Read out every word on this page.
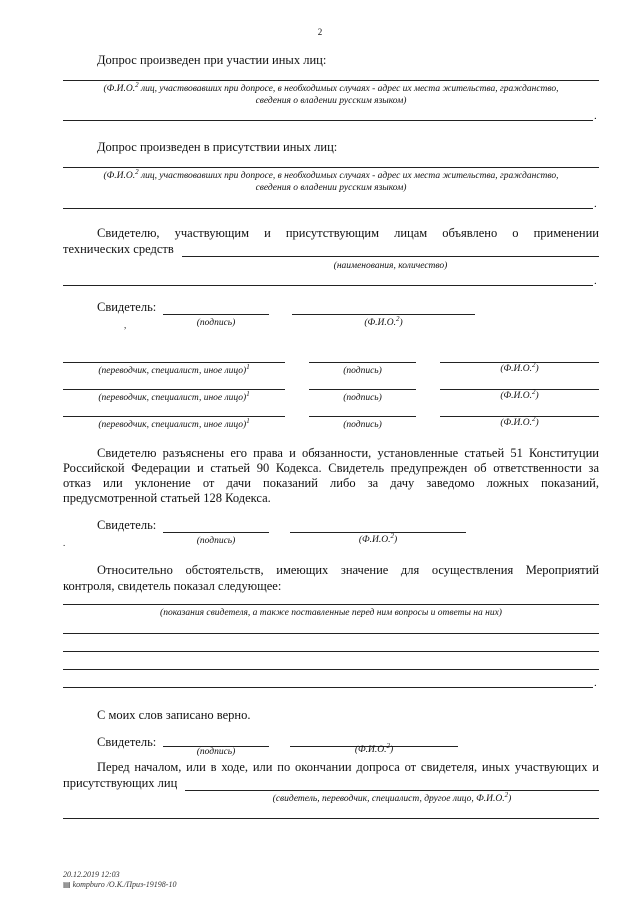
2
Допрос произведен при участии иных лиц:
(Ф.И.О.$^2$ лиц, участвовавших при допросе, в необходимых случаях - адрес их места жительства, гражданство,
сведения о владении русским языком)
.
Допрос произведен в присутствии иных лиц:
(Ф.И.О.$^2$ лиц, участвовавших при допросе, в необходимых случаях - адрес их места жительства, гражданство,
сведения о владении русским языком)
.
Свидетелю, участвующим и присутствующим лицам объявлено о применении
технических средств
(наименования, количество)
.
Свидетель:
(подпись)	(Ф.И.О.$^2$)
,
(переводчик, специалист, иное лицо)$^1$	(подпись)	(Ф.И.О.$^2$)
(переводчик, специалист, иное лицо)$^1$	(подпись)	(Ф.И.О.$^2$)
(переводчик, специалист, иное лицо)$^1$	(подпись)	(Ф.И.О.$^2$)
Свидетелю разъяснены его права и обязанности, установленные статьей 51 Конституции
Российской Федерации и статьей 90 Кодекса. Свидетель предупрежден об ответственности за
отказ или уклонение от дачи показаний либо за дачу заведомо ложных показаний,
предусмотренной статьей 128 Кодекса.
Свидетель:
(подпись)	(Ф.И.О.$^2$)
.
Относительно обстоятельств, имеющих значение для осуществления Мероприятий
контроля, свидетель показал следующее:
(показания свидетеля, а также поставленные перед ним вопросы и ответы на них)
.
С моих слов записано верно.
Свидетель:
(подпись)	(Ф.И.О.$^2$)
Перед началом, или в ходе, или по окончании допроса от свидетеля, иных участвующих и
присутствующих лиц
(свидетель, переводчик, специалист, другое лицо, Ф.И.О.$^2$)
20.12.2019 12:03
▤ kompburo /О.К./Приз-19198-10
